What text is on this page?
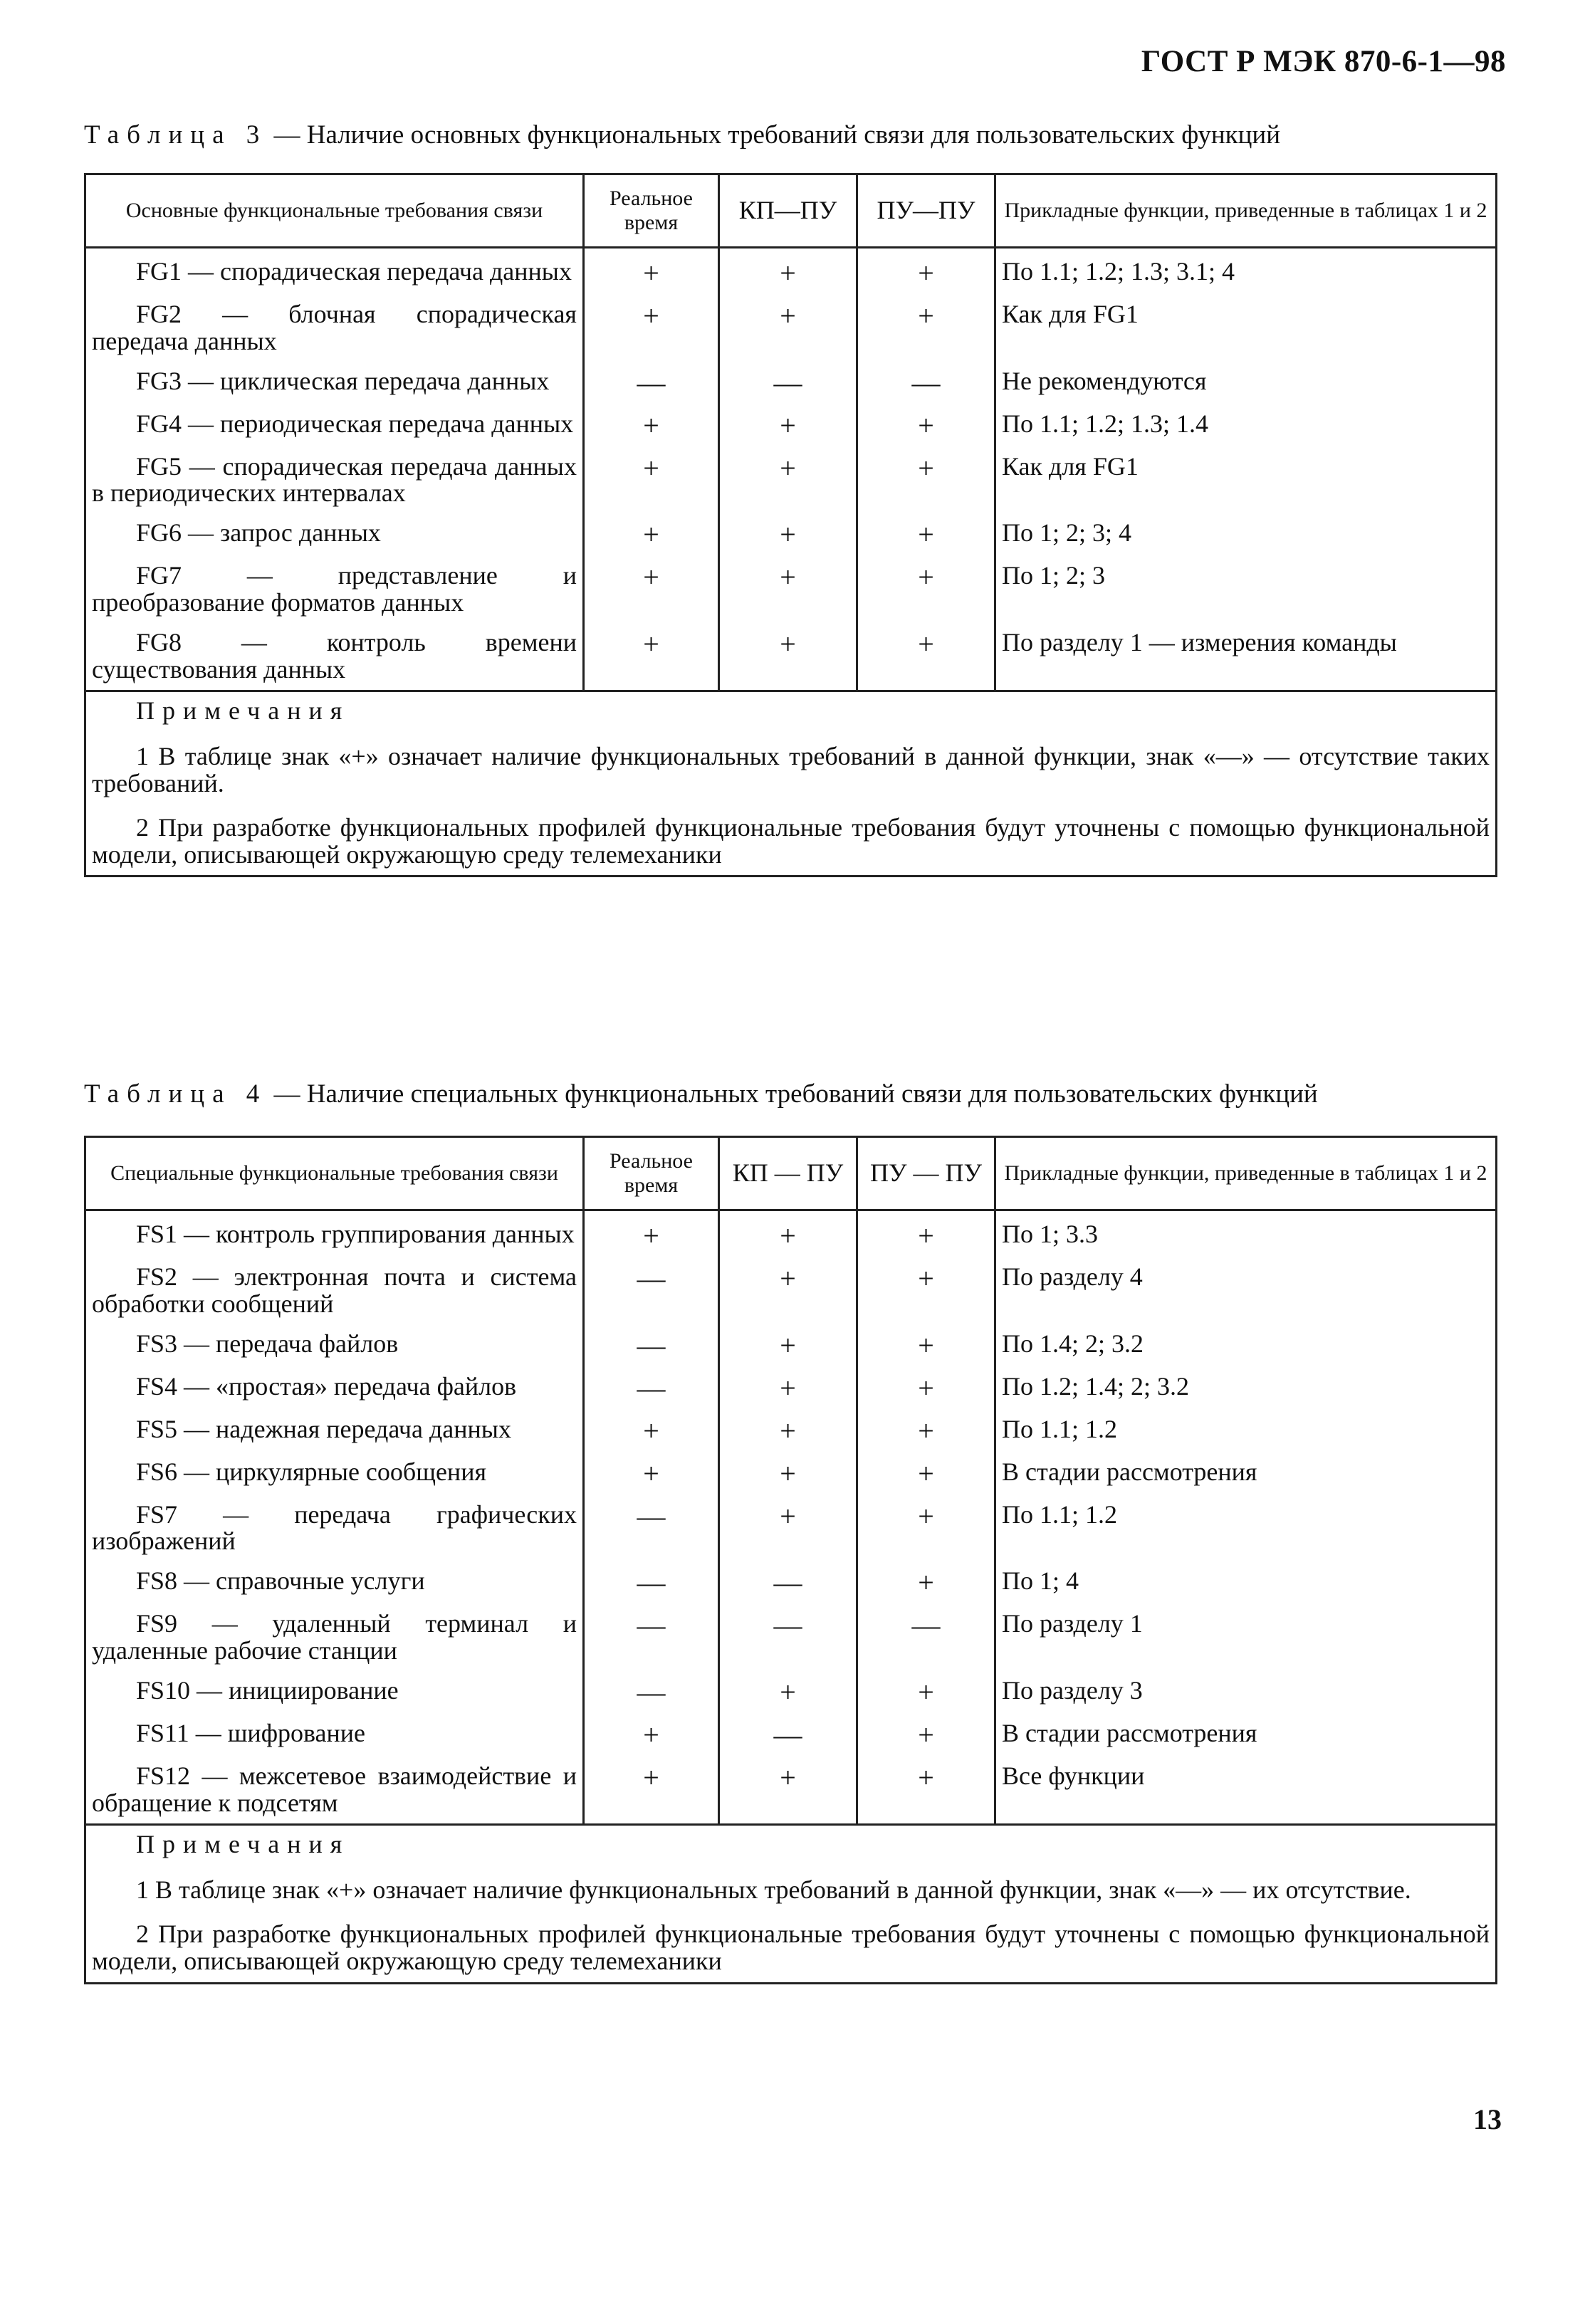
ГОСТ Р МЭК 870-6-1—98
Таблица 3 — Наличие основных функциональных требований связи для пользовательских функций
Основные функциональные требования связи	Реальное время	КП—ПУ	ПУ—ПУ	Прикладные функции, приведенные в таблицах 1 и 2
FG1 — спорадическая передача данных	+	+	+	По 1.1; 1.2; 1.3; 3.1; 4
FG2 — блочная спорадическая передача данных	+	+	+	Как для FG1
FG3 — циклическая передача данных	—	—	—	Не рекомендуются
FG4 — периодическая передача данных	+	+	+	По 1.1; 1.2; 1.3; 1.4
FG5 — спорадическая передача данных в периодических интервалах	+	+	+	Как для FG1
FG6 — запрос данных	+	+	+	По 1; 2; 3; 4
FG7 — представление и преобразование форматов данных	+	+	+	По 1; 2; 3
FG8 — контроль времени существования данных	+	+	+	По разделу 1 — измерения команды

Примечания
1 В таблице знак «+» означает наличие функциональных требований в данной функции, знак «—» — отсутствие таких требований.
2 При разработке функциональных профилей функциональные требования будут уточнены с помощью функциональной модели, описывающей окружающую среду телемеханики				
Таблица 4 — Наличие специальных функциональных требований связи для пользовательских функций
Специальные функциональные требования связи	Реальное время	КП — ПУ	ПУ — ПУ	Прикладные функции, приведенные в таблицах 1 и 2
FS1 — контроль группирования данных	+	+	+	По 1; 3.3
FS2 — электронная почта и система обработки сообщений	—	+	+	По разделу 4
FS3 — передача файлов	—	+	+	По 1.4; 2; 3.2
FS4 — «простая» передача файлов	—	+	+	По 1.2; 1.4; 2; 3.2
FS5 — надежная передача данных	+	+	+	По 1.1; 1.2
FS6 — циркулярные сообщения	+	+	+	В стадии рассмотрения
FS7 — передача графических изображений	—	+	+	По 1.1; 1.2
FS8 — справочные услуги	—	—	+	По 1; 4
FS9 — удаленный терминал и удаленные рабочие станции	—	—	—	По разделу 1
FS10 — инициирование	—	+	+	По разделу 3
FS11 — шифрование	+	—	+	В стадии рассмотрения
FS12 — межсетевое взаимодействие и обращение к подсетям	+	+	+	Все функции

Примечания
1 В таблице знак «+» означает наличие функциональных требований в данной функции, знак «—» — их отсутствие.
2 При разработке функциональных профилей функциональные требования будут уточнены с помощью функциональной модели, описывающей окружающую среду телемеханики				
13
